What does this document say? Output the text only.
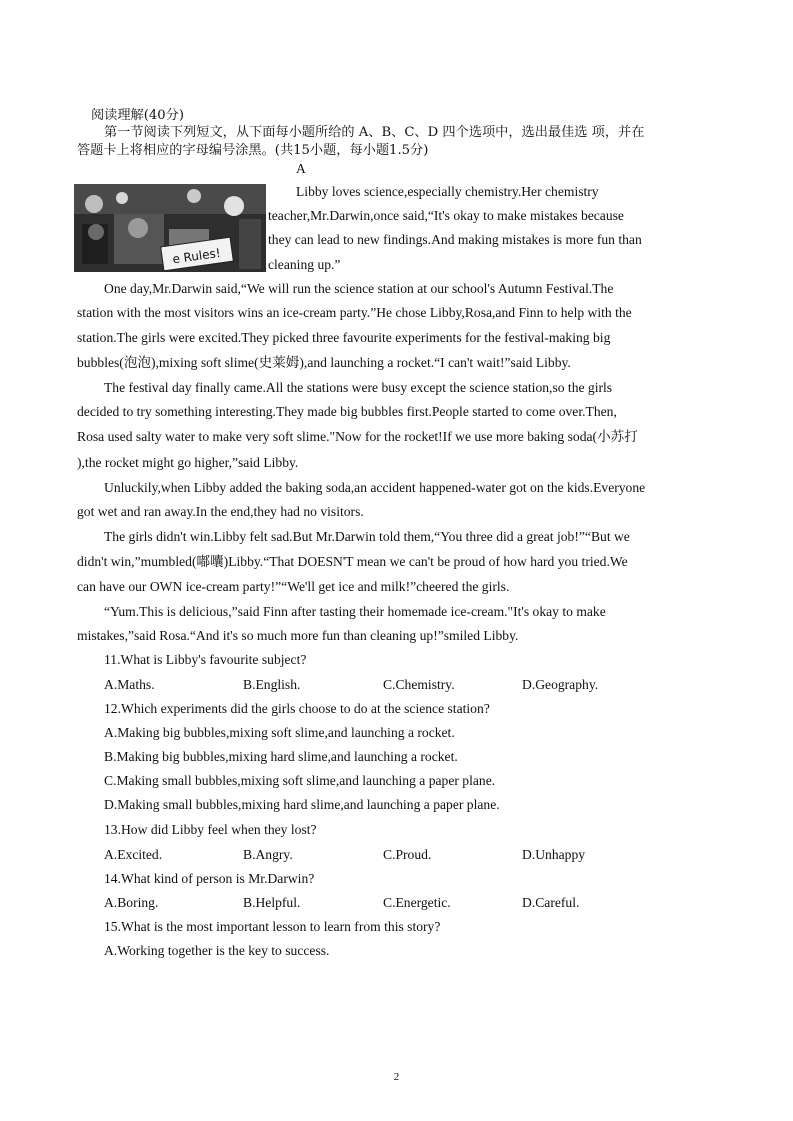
阅读理解(40分)
第一节阅读下列短文，从下面每小题所给的 A、B、C、D 四个选项中，选出最佳选 项，并在
答题卡上将相应的字母编号涂黑。(共15小题，每小题1.5分)
A
e Rules!
Libby loves science,especially chemistry.Her chemistry
teacher,Mr.Darwin,once said,“It's okay to make mistakes because
they can lead to new findings.And making mistakes is more fun than
cleaning up.”
One day,Mr.Darwin said,“We will run the science station at our school's Autumn Festival.The
station with the most visitors wins an ice-cream party.”He chose Libby,Rosa,and Finn to help with the
station.The girls were excited.They picked three favourite experiments for the festival-making big
bubbles(泡泡),mixing soft slime(史莱姆),and launching a rocket.“I can't wait!”said Libby.
The festival day finally came.All the stations were busy except the science station,so the girls
decided to try something interesting.They made big bubbles first.People started to come over.Then,
Rosa used salty water to make very soft slime."Now for the rocket!If we use more baking soda(小苏打
),the rocket might go higher,”said Libby.
Unluckily,when Libby added the baking soda,an accident happened-water got on the kids.Everyone
got wet and ran away.In the end,they had no visitors.
The girls didn't win.Libby felt sad.But Mr.Darwin told them,“You three did a great job!”“But we
didn't win,”mumbled(嘟囔)Libby.“That DOESN'T mean we can't be proud of how hard you tried.We
can have our OWN ice-cream party!”“We'll get ice and milk!”cheered the girls.
“Yum.This is delicious,”said Finn after tasting their homemade ice-cream."It's okay to make
mistakes,”said Rosa.“And it's so much more fun than cleaning up!”smiled Libby.
11.What is Libby's favourite subject?
A.Maths.	B.English.	C.Chemistry.	D.Geography.
12.Which experiments did the girls choose to do at the science station?
A.Making big bubbles,mixing soft slime,and launching a rocket.
B.Making big bubbles,mixing hard slime,and launching a rocket.
C.Making small bubbles,mixing soft slime,and launching a paper plane.
D.Making small bubbles,mixing hard slime,and launching a paper plane.
13.How did Libby feel when they lost?
A.Excited.	B.Angry.	C.Proud.	D.Unhappy
14.What kind of person is Mr.Darwin?
A.Boring.	B.Helpful.	C.Energetic.	D.Careful.
15.What is the most important lesson to learn from this story?
A.Working together is the key to success.
2
